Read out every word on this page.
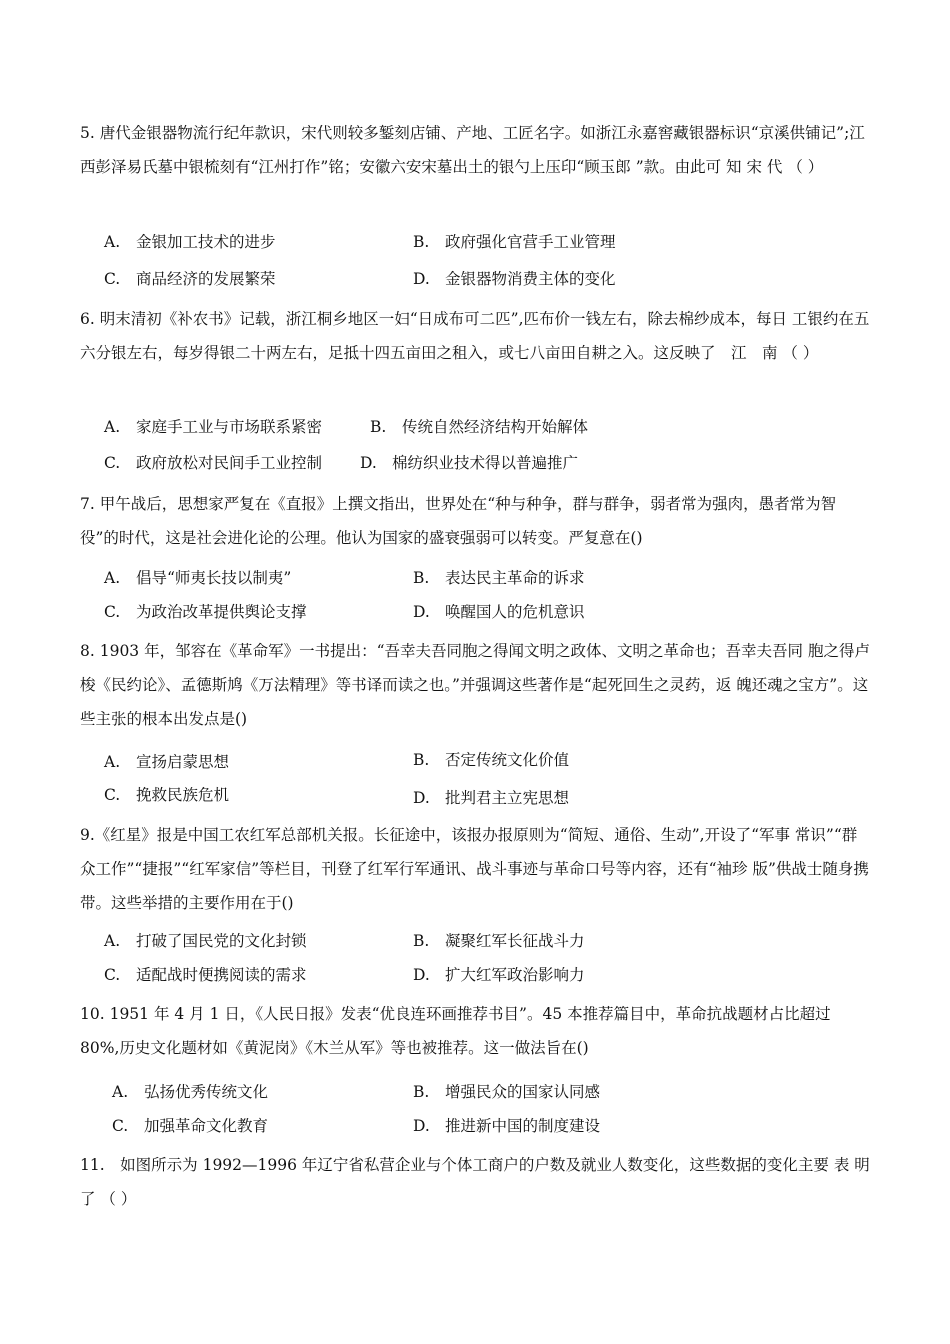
5. 唐代金银器物流行纪年款识，宋代则较多錾刻店铺、产地、工匠名字。如浙江永嘉窖藏银器标识“京溪供铺记”;江西彭泽易氏墓中银梳刻有“江州打作”铭；安徽六安宋墓出土的银勺上压印“顾玉郎 ”款。由此可 知 宋 代 （ ）
A. 金银加工技术的进步	B. 政府强化官营手工业管理
C. 商品经济的发展繁荣	D. 金银器物消费主体的变化
6. 明末清初《补农书》记载，浙江桐乡地区一妇“日成布可二匹”,匹布价一钱左右，除去棉纱成本，每日 工银约在五六分银左右，每岁得银二十两左右，足抵十四五亩田之租入，或七八亩田自耕之入。这反映了　江　南 （ ）
A. 家庭手工业与市场联系紧密	B. 传统自然经济结构开始解体
C. 政府放松对民间手工业控制 D. 棉纺织业技术得以普遍推广
7. 甲午战后，思想家严复在《直报》上撰文指出，世界处在“种与种争，群与群争，弱者常为强肉，愚者常为智役”的时代，这是社会进化论的公理。他认为国家的盛衰强弱可以转变。严复意在()
A. 倡导“师夷长技以制夷”	B. 表达民主革命的诉求
C. 为政治改革提供舆论支撑	D. 唤醒国人的危机意识
8. 1903 年，邹容在《革命军》一书提出：“吾幸夫吾同胞之得闻文明之政体、文明之革命也；吾幸夫吾同 胞之得卢梭《民约论》、孟德斯鸠《万法精理》等书译而读之也。”并强调这些著作是“起死回生之灵药，返 魄还魂之宝方”。这些主张的根本出发点是()
A. 宣扬启蒙思想	B. 否定传统文化价值
C. 挽救民族危机	D. 批判君主立宪思想
9.《红星》报是中国工农红军总部机关报。长征途中，该报办报原则为“简短、通俗、生动”,开设了“军事 常识”“群众工作”“捷报”“红军家信”等栏目，刊登了红军行军通讯、战斗事迹与革命口号等内容，还有“袖珍 版”供战士随身携带。这些举措的主要作用在于()
A. 打破了国民党的文化封锁	B. 凝聚红军长征战斗力
C. 适配战时便携阅读的需求	D. 扩大红军政治影响力
10. 1951 年 4 月 1 日，《人民日报》发表“优良连环画推荐书目”。45 本推荐篇目中，革命抗战题材占比超过 80%,历史文化题材如《黄泥岗》《木兰从军》等也被推荐。这一做法旨在()
A. 弘扬优秀传统文化	B. 增强民众的国家认同感
C. 加强革命文化教育	D. 推进新中国的制度建设
11.　如图所示为 1992—1996 年辽宁省私营企业与个体工商户的户数及就业人数变化，这些数据的变化主要 表 明 了 （ ）
